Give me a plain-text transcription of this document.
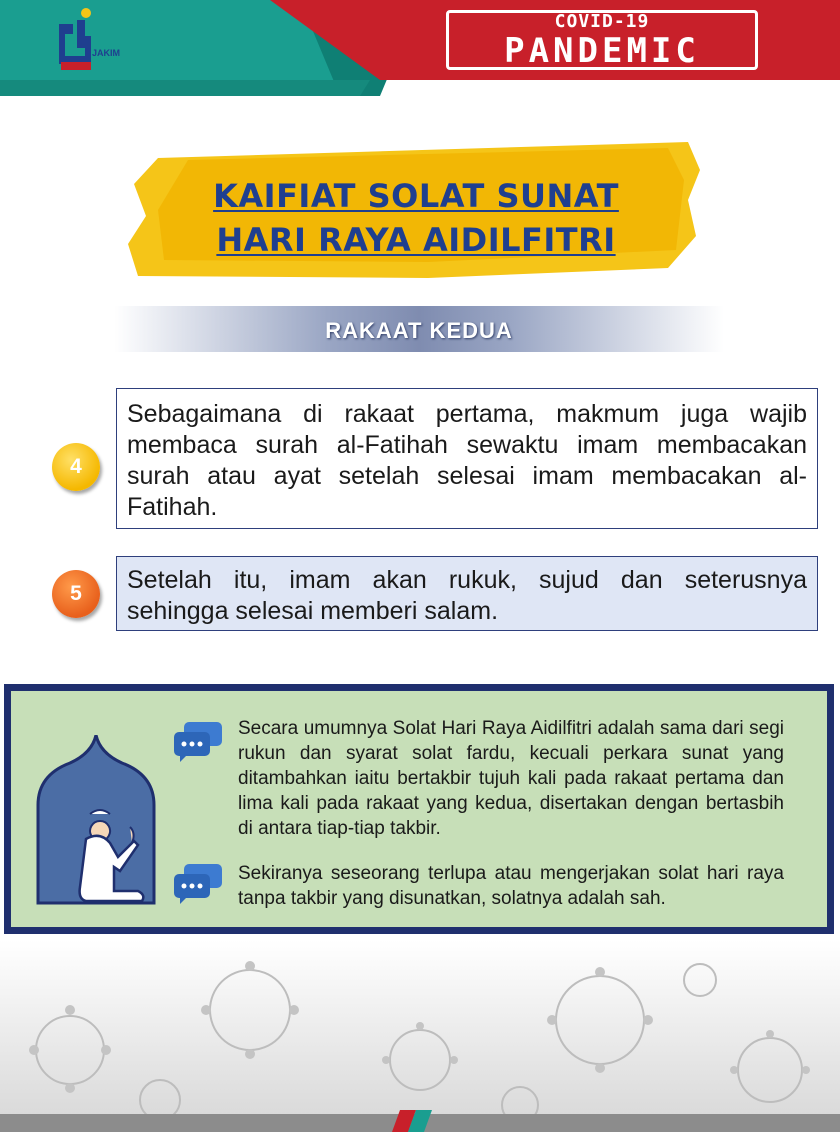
JAKIM
COVID-19
PANDEMIC
KAIFIAT SOLAT SUNAT
HARI RAYA AIDILFITRI
RAKAAT KEDUA
4
Sebagaimana di rakaat pertama, makmum juga wajib membaca surah al-Fatihah sewaktu imam membacakan surah atau ayat setelah selesai imam membacakan al-Fatihah.
5	Setelah itu, imam akan rukuk, sujud dan seterusnya sehingga selesai memberi salam.
Secara umumnya Solat Hari Raya Aidilfitri adalah sama dari segi rukun dan syarat solat fardu, kecuali perkara sunat yang ditambahkan iaitu bertakbir tujuh kali pada rakaat pertama dan lima kali pada rakaat yang kedua, disertakan dengan bertasbih di antara tiap-tiap takbir.
Sekiranya seseorang terlupa atau mengerjakan solat hari raya tanpa takbir yang disunatkan, solatnya adalah sah.
